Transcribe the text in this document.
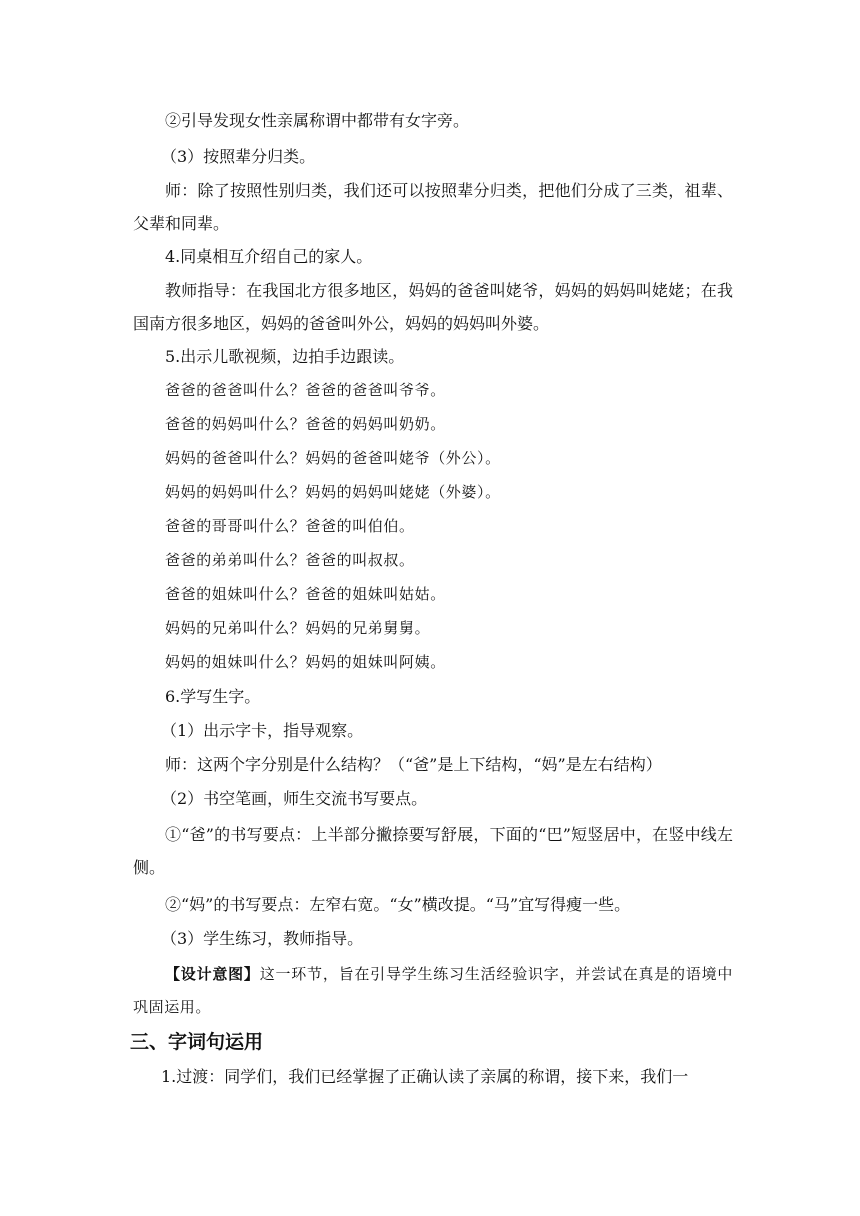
②引导发现女性亲属称谓中都带有女字旁。

（3）按照辈分归类。

师：除了按照性别归类，我们还可以按照辈分归类，把他们分成了三类，祖辈、父辈和同辈。

4.同桌相互介绍自己的家人。

教师指导：在我国北方很多地区，妈妈的爸爸叫姥爷，妈妈的妈妈叫姥姥；在我国南方很多地区，妈妈的爸爸叫外公，妈妈的妈妈叫外婆。

5.出示儿歌视频，边拍手边跟读。

爸爸的爸爸叫什么？爸爸的爸爸叫爷爷。

爸爸的妈妈叫什么？爸爸的妈妈叫奶奶。

妈妈的爸爸叫什么？妈妈的爸爸叫姥爷（外公）。

妈妈的妈妈叫什么？妈妈的妈妈叫姥姥（外婆）。

爸爸的哥哥叫什么？爸爸的叫伯伯。

爸爸的弟弟叫什么？爸爸的叫叔叔。

爸爸的姐妹叫什么？爸爸的姐妹叫姑姑。

妈妈的兄弟叫什么？妈妈的兄弟舅舅。

妈妈的姐妹叫什么？妈妈的姐妹叫阿姨。

6.学写生字。

（1）出示字卡，指导观察。

师：这两个字分别是什么结构？（“爸”是上下结构，“妈”是左右结构）

（2）书空笔画，师生交流书写要点。

①“爸”的书写要点：上半部分撇捺要写舒展，下面的“巴”短竖居中，在竖中线左侧。

②“妈”的书写要点：左窄右宽。“女”横改提。“马”宜写得瘦一些。

（3）学生练习，教师指导。

【设计意图】这一环节，旨在引导学生练习生活经验识字，并尝试在真是的语境中巩固运用。

三、字词句运用

1.过渡：同学们，我们已经掌握了正确认读了亲属的称谓，接下来，我们一
